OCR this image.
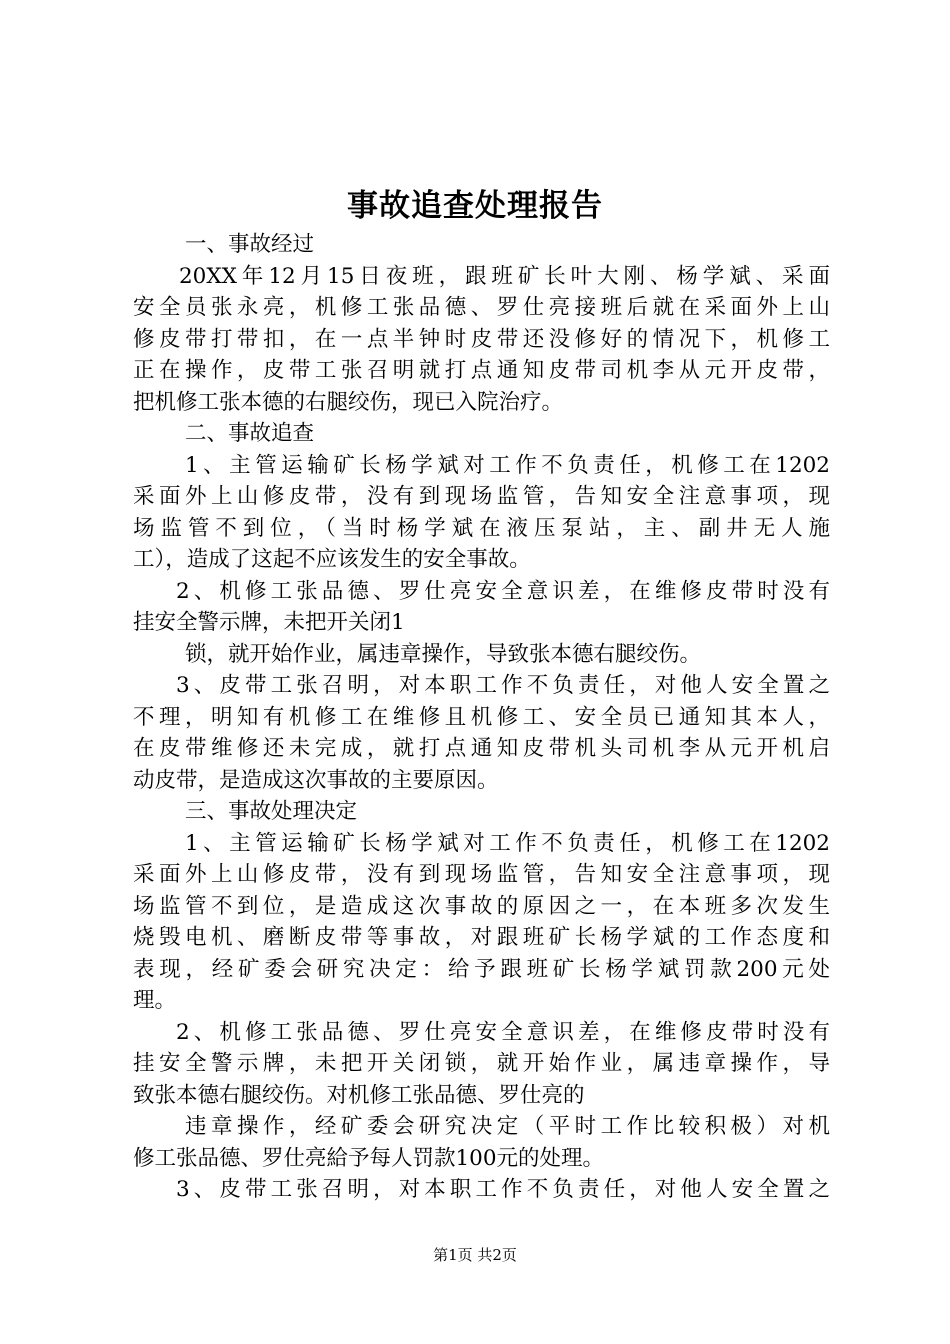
事故追查处理报告
一、事故经过
20XX年12月15日夜班，跟班矿长叶大刚、杨学斌、采面
安全员张永亮，机修工张品德、罗仕亮接班后就在采面外上山
修皮带打带扣，在一点半钟时皮带还没修好的情况下，机修工
正在操作，皮带工张召明就打点通知皮带司机李从元开皮带，
把机修工张本德的右腿绞伤，现已入院治疗。
二、事故追查
1、主管运输矿长杨学斌对工作不负责任，机修工在1202
采面外上山修皮带，没有到现场监管，告知安全注意事项，现
场监管不到位，（当时杨学斌在液压泵站，主、副井无人施
工），造成了这起不应该发生的安全事故。
2、机修工张品德、罗仕亮安全意识差，在维修皮带时没有
挂安全警示牌，未把开关闭1
锁，就开始作业，属违章操作，导致张本德右腿绞伤。
3、皮带工张召明，对本职工作不负责任，对他人安全置之
不理，明知有机修工在维修且机修工、安全员已通知其本人，
在皮带维修还未完成，就打点通知皮带机头司机李从元开机启
动皮带，是造成这次事故的主要原因。
三、事故处理决定
1、主管运输矿长杨学斌对工作不负责任，机修工在1202
采面外上山修皮带，没有到现场监管，告知安全注意事项，现
场监管不到位，是造成这次事故的原因之一，在本班多次发生
烧毁电机、磨断皮带等事故，对跟班矿长杨学斌的工作态度和
表现，经矿委会研究决定：给予跟班矿长杨学斌罚款200元处
理。
2、机修工张品德、罗仕亮安全意识差，在维修皮带时没有
挂安全警示牌，未把开关闭锁，就开始作业，属违章操作，导
致张本德右腿绞伤。对机修工张品德、罗仕亮的
违章操作，经矿委会研究决定（平时工作比较积极）对机
修工张品德、罗仕亮給予每人罚款100元的处理。
3、皮带工张召明，对本职工作不负责任，对他人安全置之
第1页 共2页
